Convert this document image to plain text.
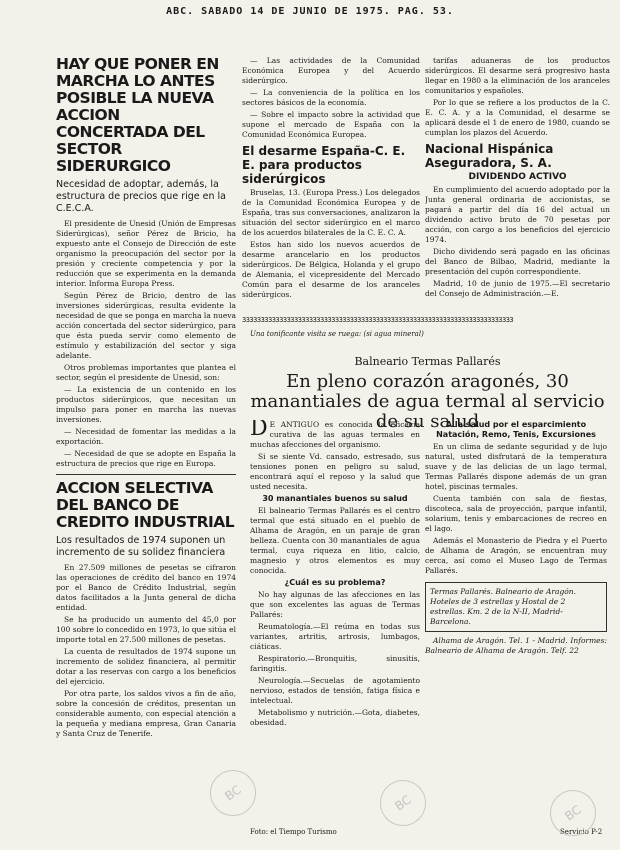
ABC. SABADO 14 DE JUNIO DE 1975. PAG. 53.
HAY QUE PONER EN MARCHA LO ANTES POSIBLE LA NUEVA ACCION CONCERTADA DEL SECTOR SIDERURGICO
Necesidad de adoptar, además, la estructura de precios que rige en la C.E.C.A.

El presidente de Unesid (Unión de Empresas Siderúrgicas), señor Pérez de Bricio, ha expuesto ante el Consejo de Dirección de este organismo la preocupación del sector por la presión y creciente competencia y por la reducción que se experimenta en la demanda interior. Informa Europa Press.

Según Pérez de Bricio, dentro de las inversiones siderúrgicas, resulta evidente la necesidad de que se ponga en marcha la nueva acción concertada del sector siderúrgico, para que ésta pueda servir como elemento de estímulo y estabilización del sector y siga adelante.

Otros problemas importantes que plantea el sector, según el presidente de Unesid, son:

— La existencia de un contenido en los productos siderúrgicos, que necesitan un impulso para poner en marcha las nuevas inversiones.

— Necesidad de fomentar las medidas a la exportación.

— Necesidad de que se adopte en España la estructura de precios que rige en Europa.

ACCION SELECTIVA DEL BANCO DE CREDITO INDUSTRIAL
Los resultados de 1974 suponen un incremento de su solidez financiera

En 27.509 millones de pesetas se cifraron las operaciones de crédito del banco en 1974 por el Banco de Crédito Industrial, según datos facilitados a la Junta general de dicha entidad.

Se ha producido un aumento del 45,0 por 100 sobre lo concedido en 1973, lo que sitúa el importe total en 27.500 millones de pesetas.

La cuenta de resultados de 1974 supone un incremento de solidez financiera, al permitir dotar a las reservas con cargo a los beneficios del ejercicio.

Por otra parte, los saldos vivos a fin de año, sobre la concesión de créditos, presentan un considerable aumento, con especial atención a la pequeña y mediana empresa, Gran Canaria y Santa Cruz de Tenerife.

— Las actividades de la Comunidad Económica Europea y del Acuerdo siderúrgico.

— La conveniencia de la política en los sectores básicos de la economía.

— Sobre el impacto sobre la actividad que supone el mercado de España con la Comunidad Económica Europea.

El desarme España-C. E. E. para productos siderúrgicos

Bruselas, 13. (Europa Press.) Los delegados de la Comunidad Económica Europea y de España, tras sus conversaciones, analizaron la situación del sector siderúrgico en el marco de los acuerdos bilaterales de la C. E. C. A.

Estos han sido los nuevos acuerdos de desarme arancelario en los productos siderúrgicos. De Bélgica, Holanda y el grupo de Alemania, el vicepresidente del Mercado Común para el desarme de los aranceles siderúrgicos.

tarifas aduaneras de los productos siderúrgicos. El desarme será progresivo hasta llegar en 1980 a la eliminación de los aranceles comunitarios y españoles.

Por lo que se refiere a los productos de la C. E. C. A. y a la Comunidad, el desarme se aplicará desde el 1 de enero de 1980, cuando se cumplan los plazos del Acuerdo.

Nacional Hispánica Aseguradora, S. A.
DIVIDENDO ACTIVO

En cumplimiento del acuerdo adoptado por la Junta general ordinaria de accionistas, se pagará a partir del día 16 del actual un dividendo activo bruto de 70 pesetas por acción, con cargo a los beneficios del ejercicio 1974.

Dicho dividendo será pagado en las oficinas del Banco de Bilbao, Madrid, mediante la presentación del cupón correspondiente.

Madrid, 10 de junio de 1975.—El secretario del Consejo de Administración.—E.

3333333333333333333333333333333333333333333333333333333333333333333333333
Una tonificante visita se ruega: (si agua mineral)
Balneario Termas Pallarés
En pleno corazón aragonés, 30 manantiales de agua termal al servicio de su salud

D E ANTIGUO es conocida la eficacia curativa de las aguas termales en muchas afecciones del organismo.

Si se siente Vd. cansado, estresado, sus tensiones ponen en peligro su salud, encontrará aquí el reposo y la salud que usted necesita.

30 manantiales buenos su salud

El balneario Termas Pallarés es el centro termal que está situado en el pueblo de Alhama de Aragón, en un paraje de gran belleza. Cuenta con 30 manantiales de agua termal, cuya riqueza en litio, calcio, magnesio y otros elementos es muy conocida.

¿Cuál es su problema?

No hay algunas de las afecciones en las que son excelentes las aguas de Termas Pallarés:

Reumatología.—El reúma en todas sus variantes, artritis, artrosis, lumbagos, ciáticas.

Respiratorio.—Bronquitis, sinusitis, faringitis.

Neurología.—Secuelas de agotamiento nervioso, estados de tensión, fatiga física e intelectual.

Metabolismo y nutrición.—Gota, diabetes, obesidad.

Foto: el Tiempo Turismo
A la salud por el esparcimiento Natación, Remo, Tenis, Excursiones

En un clima de sedante seguridad y de lujo natural, usted disfrutará de la temperatura suave y de las delicias de un lago termal, Termas Pallarés dispone además de un gran hotel, piscinas termales.

Cuenta también con sala de fiestas, discoteca, sala de proyección, parque infantil, solarium, tenis y embarcaciones de recreo en el lago.

Además el Monasterio de Piedra y el Puerto de Alhama de Aragón, se encuentran muy cerca, así como el Museo Lago de Termas Pallarés.

Termas Pallarés. Balneario de Aragón. Hoteles de 3 estrellas y Hostal de 2 estrellas. Km. 2 de la N-II, Madrid-Barcelona.

Alhama de Aragón. Tel. 1 - Madrid. Informes: Balneario de Alhama de Aragón. Telf. 22

Servicio P-2
BC	BC	BC
